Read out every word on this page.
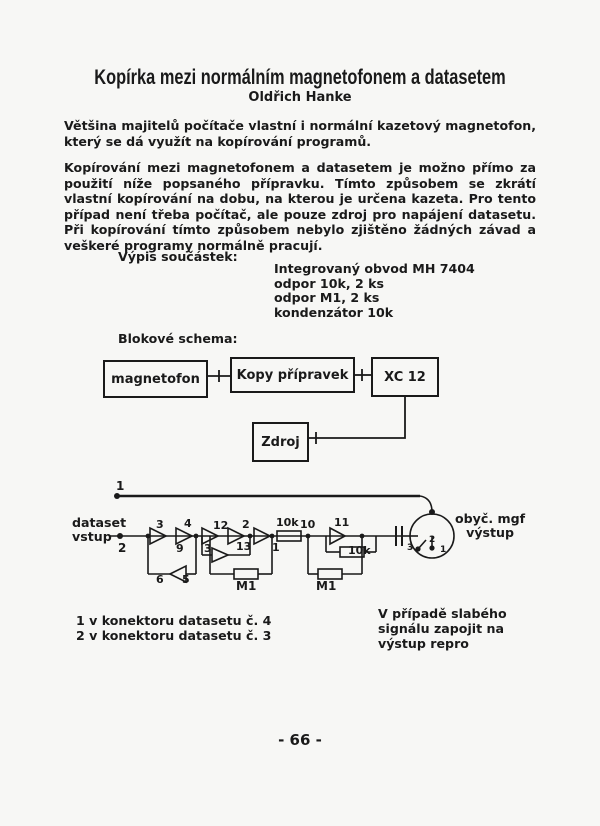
Kopírka mezi normálním magnetofonem a datasetem
Oldřich Hanke
Většina majitelů počítače vlastní i normální kazetový magnetofon, který se dá využít na kopírování programů.
Kopírování mezi magnetofonem a datasetem je možno přímo za použití níže popsaného přípravku. Tímto způsobem se zkrátí vlastní kopírování na dobu, na kterou je určena kazeta. Pro tento případ není třeba počítač, ale pouze zdroj pro napájení datasetu. Při kopírování tímto způsobem nebylo zjištěno žádných závad a veškeré programy normálně pracují.
Výpis součástek:
Integrovaný obvod MH 7404
odpor 10k, 2 ks
odpor M1, 2 ks
kondenzátor 10k
Blokové schema:
magnetofon	Kopy přípravek	XC 12
Zdroj
1
2
3 4 12 2 10k 10 11
9 3 13 1	10k
6 5	M1	M1
2
3	1
dataset
vstup
obyč. mgf
výstup
1 v konektoru datasetu č. 4
2 v konektoru datasetu č. 3
V případě slabého
signálu zapojit na
výstup repro
- 66 -
